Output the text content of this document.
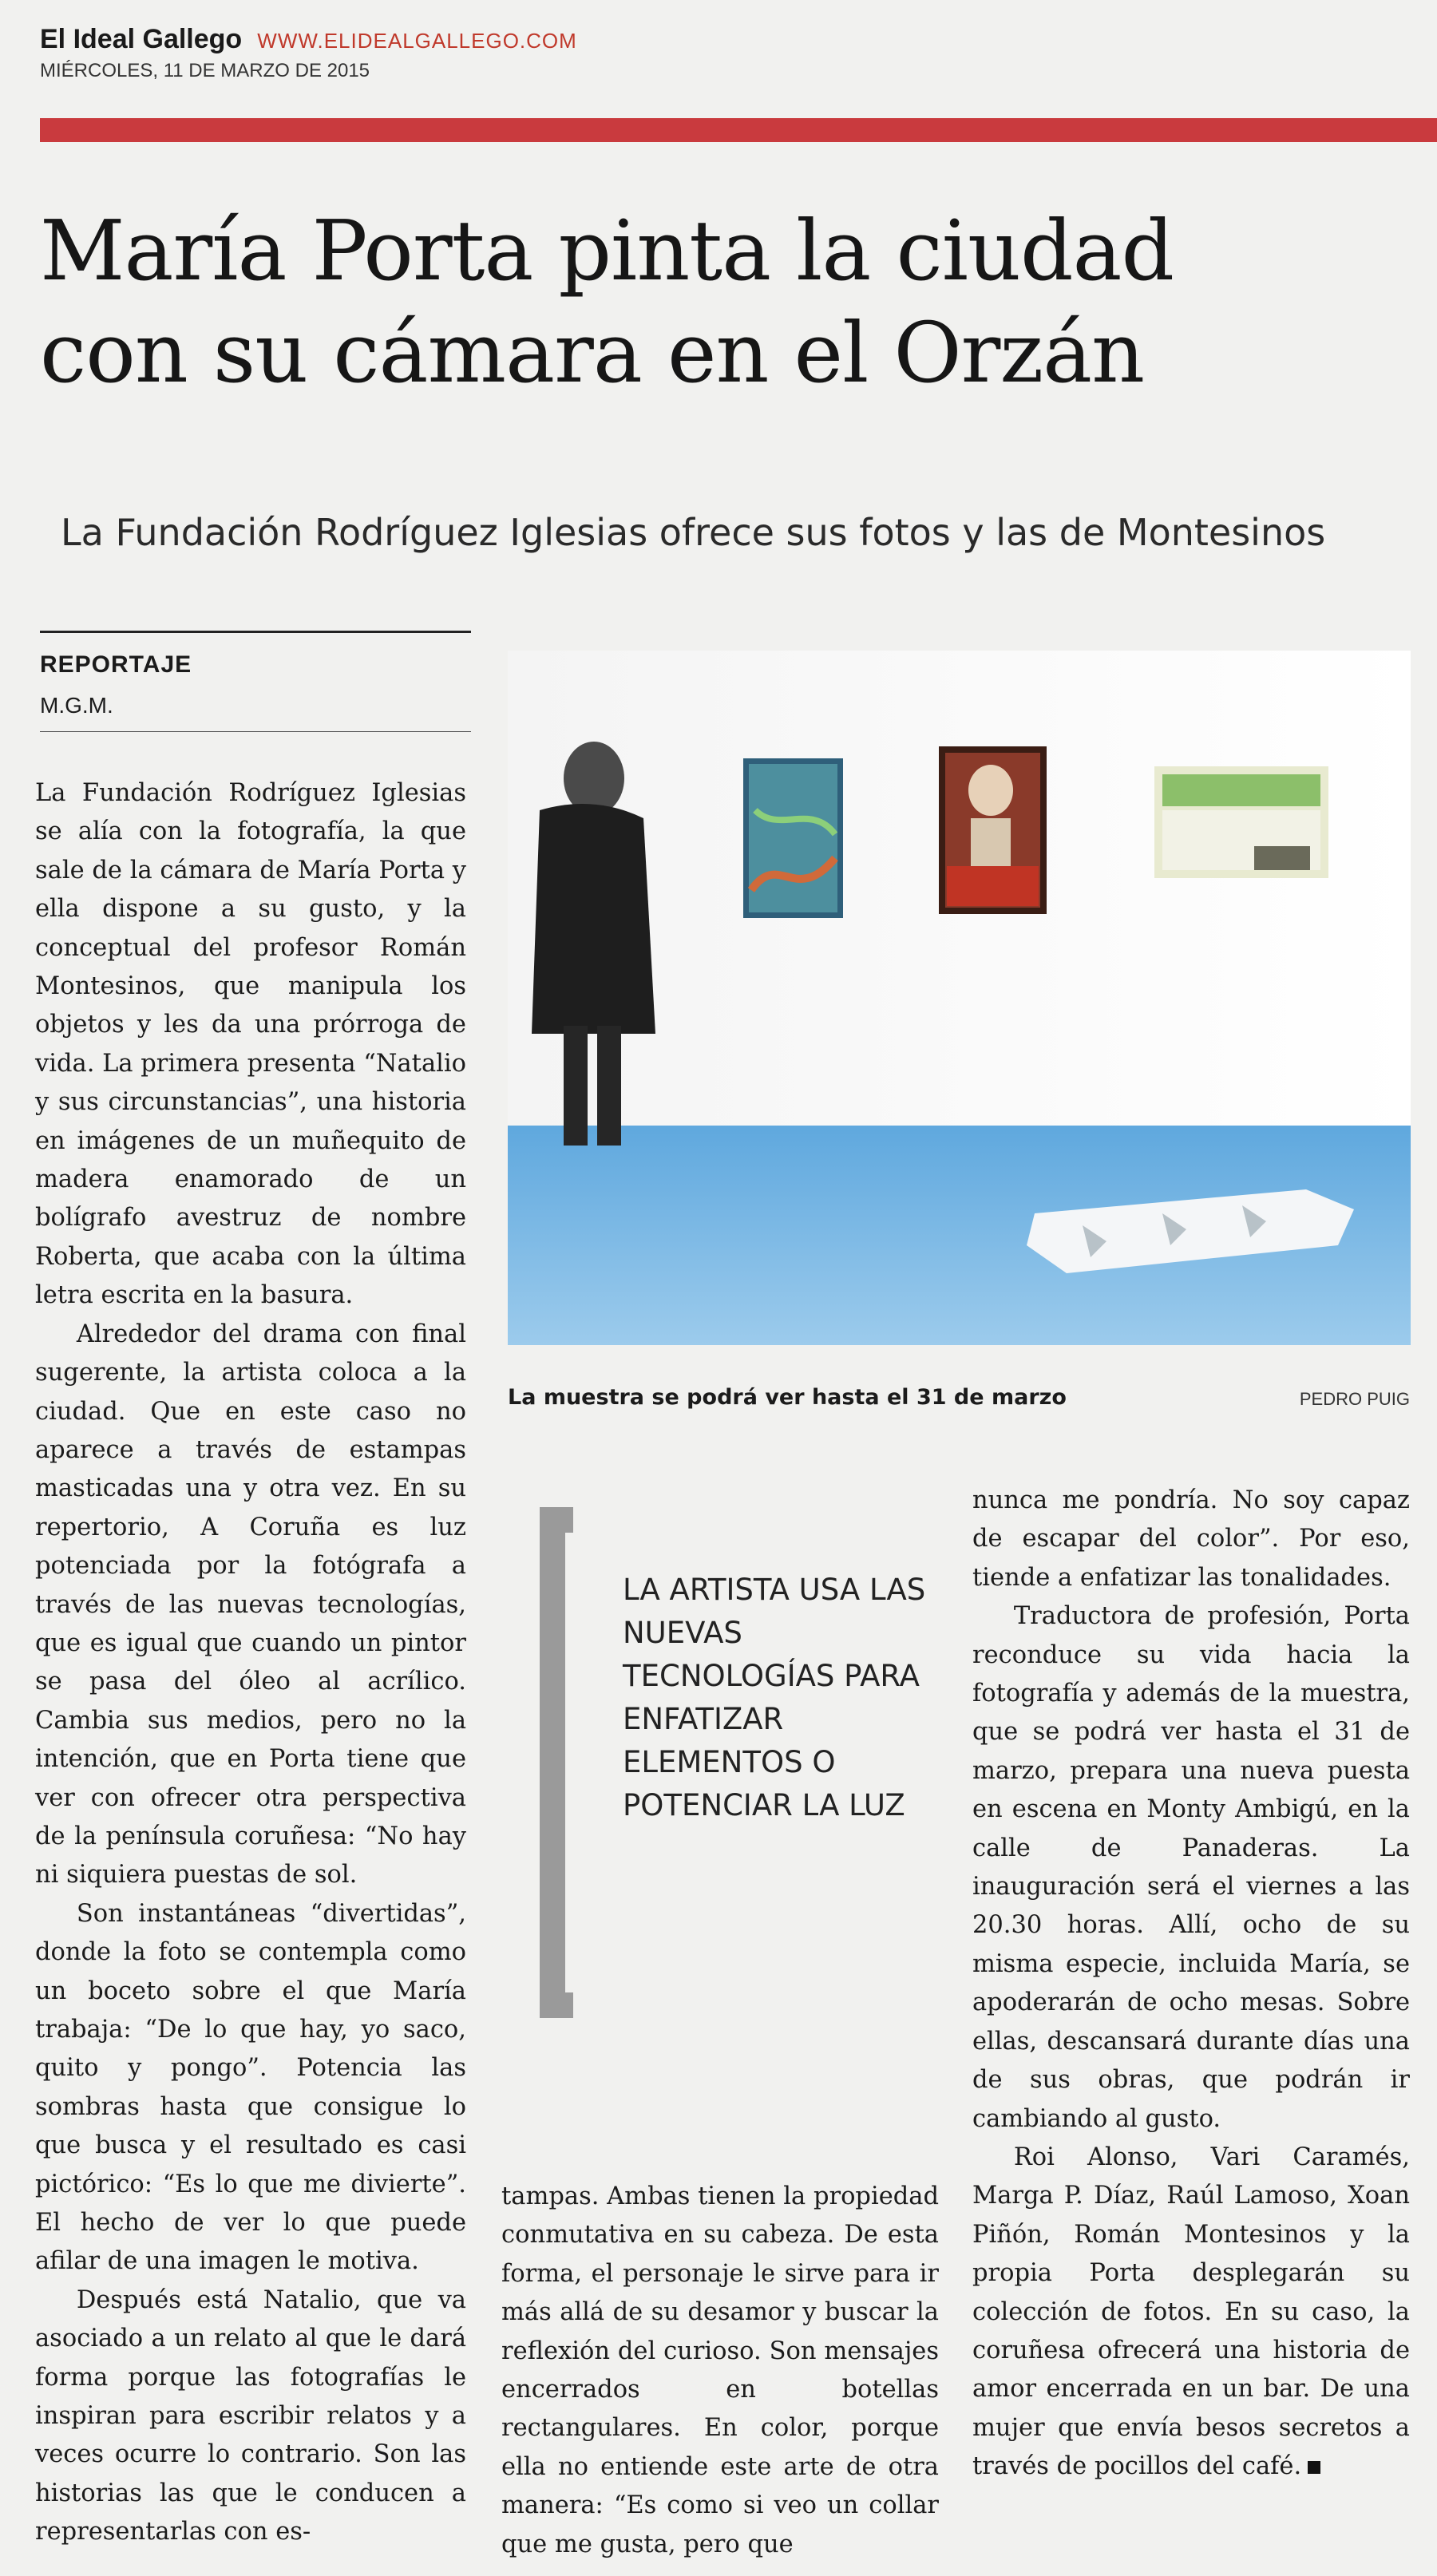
El Ideal Gallego WWW.ELIDEALGALLEGO.COM
MIÉRCOLES, 11 DE MARZO DE 2015
María Porta pinta la ciudad
con su cámara en el Orzán
La Fundación Rodríguez Iglesias ofrece sus fotos y las de Montesinos
REPORTAJE
M.G.M.

La Fundación Rodríguez Iglesias se alía con la fotografía, la que sale de la cámara de María Porta y ella dispone a su gusto, y la conceptual del profesor Román Montesinos, que manipula los objetos y les da una prórroga de vida. La primera presenta “Natalio y sus circunstancias”, una historia en imágenes de un muñequito de madera enamorado de un bolígrafo avestruz de nombre Roberta, que acaba con la última letra escrita en la basura.

Alrededor del drama con final sugerente, la artista coloca a la ciudad. Que en este caso no aparece a través de estampas masticadas una y otra vez. En su repertorio, A Coruña es luz potenciada por la fotógrafa a través de las nuevas tecnologías, que es igual que cuando un pintor se pasa del óleo al acrílico. Cambia sus medios, pero no la intención, que en Porta tiene que ver con ofrecer otra perspectiva de la península coruñesa: “No hay ni siquiera puestas de sol.

Son instantáneas “divertidas”, donde la foto se contempla como un boceto sobre el que María trabaja: “De lo que hay, yo saco, quito y pongo”. Potencia las sombras hasta que consigue lo que busca y el resultado es casi pictórico: “Es lo que me divierte”. El hecho de ver lo que puede afilar de una imagen le motiva.

Después está Natalio, que va asociado a un relato al que le dará forma porque las fotografías le inspiran para escribir relatos y a veces ocurre lo contrario. Son las historias las que le conducen a representarlas con es-

La muestra se podrá ver hasta el 31 de marzo	PEDRO PUIG
LA ARTISTA USA LAS NUEVAS TECNOLOGÍAS PARA ENFATIZAR ELEMENTOS O POTENCIAR LA LUZ

tampas. Ambas tienen la propiedad conmutativa en su cabeza. De esta forma, el personaje le sirve para ir más allá de su desamor y buscar la reflexión del curioso. Son mensajes encerrados en botellas rectangulares. En color, porque ella no entiende este arte de otra manera: “Es como si veo un collar que me gusta, pero que

nunca me pondría. No soy capaz de escapar del color”. Por eso, tiende a enfatizar las tonalidades.

Traductora de profesión, Porta reconduce su vida hacia la fotografía y además de la muestra, que se podrá ver hasta el 31 de marzo, prepara una nueva puesta en escena en Monty Ambigú, en la calle de Panaderas. La inauguración será el viernes a las 20.30 horas. Allí, ocho de su misma especie, incluida María, se apoderarán de ocho mesas. Sobre ellas, descansará durante días una de sus obras, que podrán ir cambiando al gusto.

Roi Alonso, Vari Caramés, Marga P. Díaz, Raúl Lamoso, Xoan Piñón, Román Montesinos y la propia Porta desplegarán su colección de fotos. En su caso, la coruñesa ofrecerá una historia de amor encerrada en un bar. De una mujer que envía besos secretos a través de pocillos del café.
